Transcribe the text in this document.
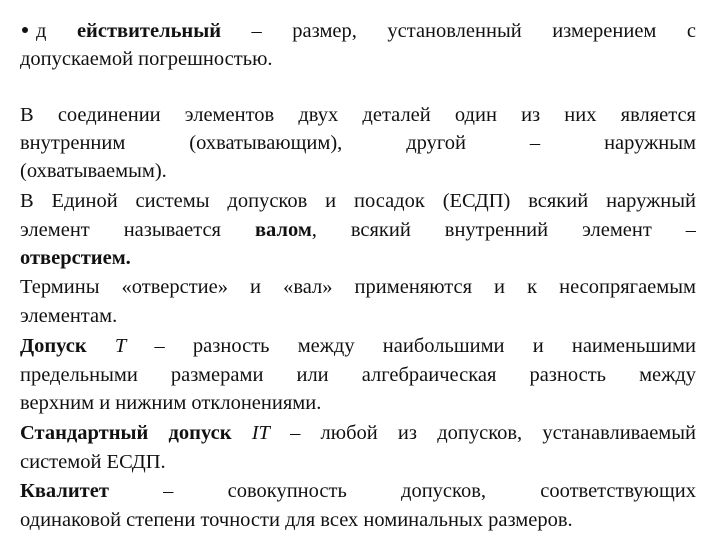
д ействительный – размер, установленный измерением с
допускаемой погрешностью.
В соединении элементов двух деталей один из них является
внутренним (охватывающим), другой – наружным
(охватываемым).
В Единой системы допусков и посадок (ЕСДП) всякий наружный
элемент называется валом, всякий внутренний элемент –
отверстием.
Термины «отверстие» и «вал» применяются и к несопрягаемым
элементам.
Допуск T – разность между наибольшими и наименьшими
предельными размерами или алгебраическая разность между
верхним и нижним отклонениями.
Стандартный допуск IT – любой из допусков, устанавливаемый
системой ЕСДП.
Квалитет	– совокупность допусков, соответствующих
одинаковой степени точности для всех номинальных размеров.
